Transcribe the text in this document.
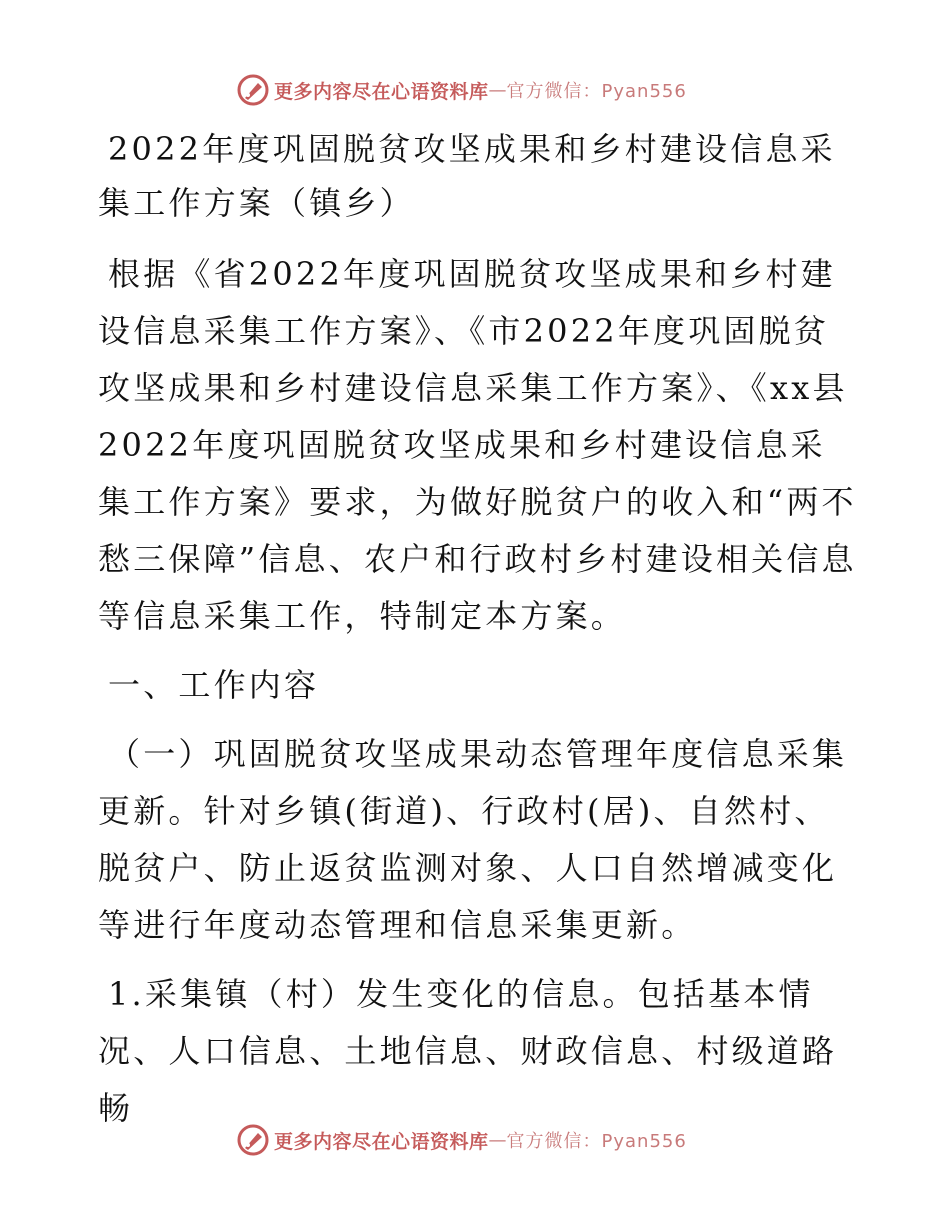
更多内容尽在心语资料库 — 官方微信：Pyan556
2022年度巩固脱贫攻坚成果和乡村建设信息采集工作方案（镇乡）

根据《省2022年度巩固脱贫攻坚成果和乡村建设信息采集工作方案》、《市2022年度巩固脱贫攻坚成果和乡村建设信息采集工作方案》、《xx县2022年度巩固脱贫攻坚成果和乡村建设信息采集工作方案》要求，为做好脱贫户的收入和“两不愁三保障”信息、农户和行政村乡村建设相关信息等信息采集工作，特制定本方案。

一、工作内容

（一）巩固脱贫攻坚成果动态管理年度信息采集更新。针对乡镇(街道)、行政村(居)、自然村、脱贫户、防止返贫监测对象、人口自然增减变化等进行年度动态管理和信息采集更新。

1.采集镇（村）发生变化的信息。包括基本情况、人口信息、土地信息、财政信息、村级道路畅

更多内容尽在心语资料库 — 官方微信：Pyan556
